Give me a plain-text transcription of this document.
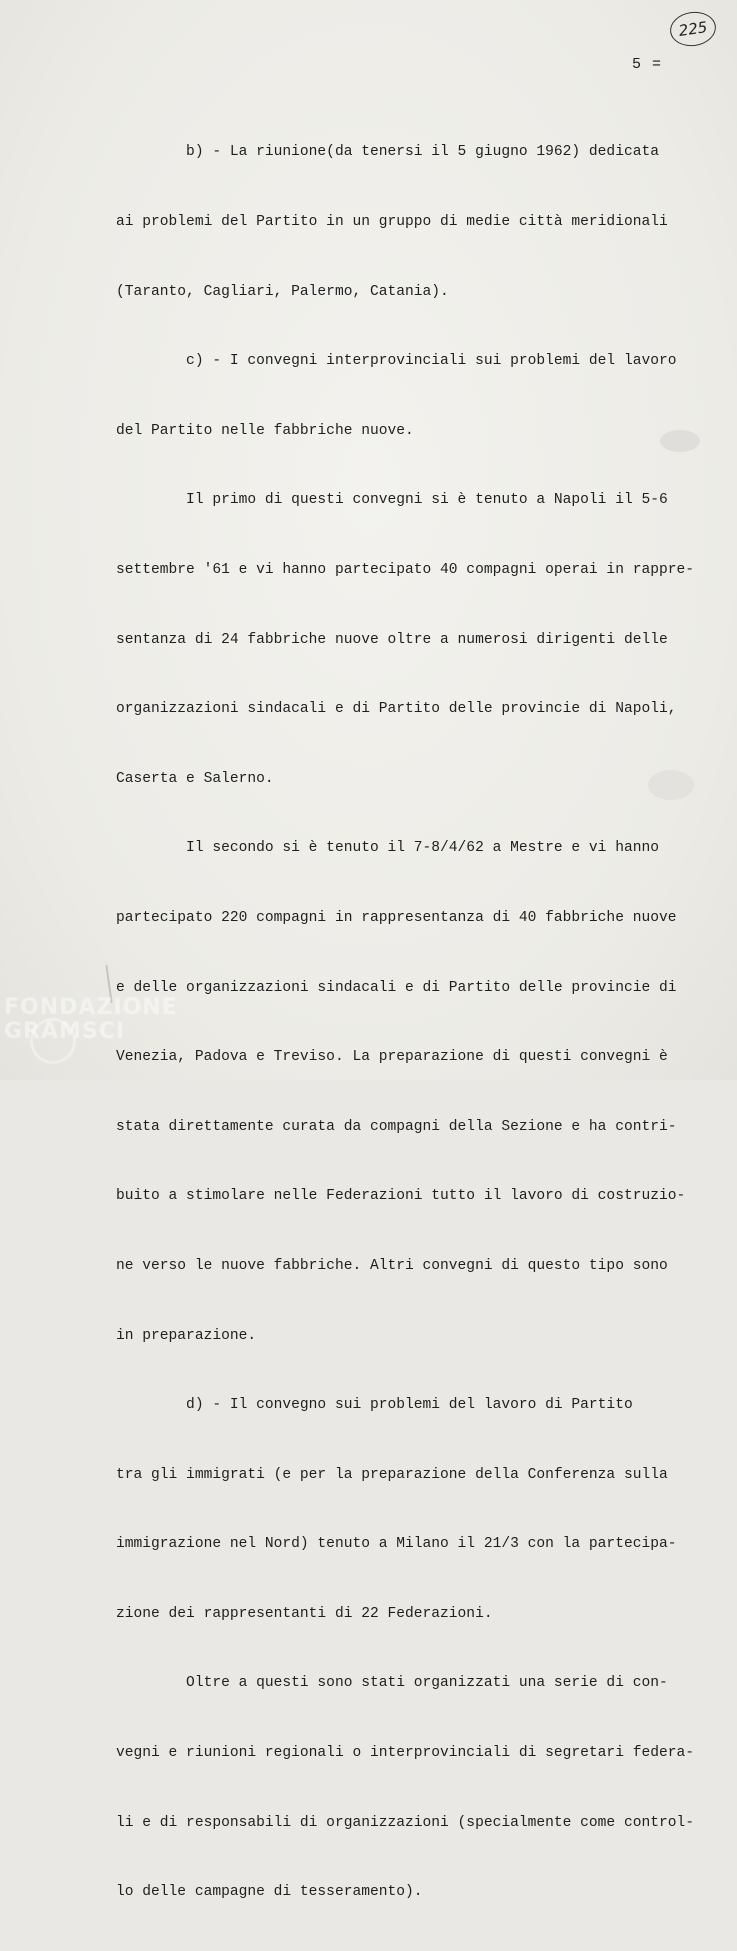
225
5 =

b) - La riunione(da tenersi il 5 giugno 1962) dedicata

ai problemi del Partito in un gruppo di medie città meridionali

(Taranto, Cagliari, Palermo, Catania).

c) - I convegni interprovinciali sui problemi del lavoro

del Partito nelle fabbriche nuove.

Il primo di questi convegni si è tenuto a Napoli il 5-6

settembre '61 e vi hanno partecipato 40 compagni operai in rappre-

sentanza di 24 fabbriche nuove oltre a numerosi dirigenti delle

organizzazioni sindacali e di Partito delle provincie di Napoli,

Caserta e Salerno.

Il secondo si è tenuto il 7-8/4/62 a Mestre e vi hanno

partecipato 220 compagni in rappresentanza di 40 fabbriche nuove

e delle organizzazioni sindacali e di Partito delle provincie di

Venezia, Padova e Treviso. La preparazione di questi convegni è

stata direttamente curata da compagni della Sezione e ha contri-

buito a stimolare nelle Federazioni tutto il lavoro di costruzio-

ne verso le nuove fabbriche. Altri convegni di questo tipo sono

in preparazione.

d) - Il convegno sui problemi del lavoro di Partito

tra gli immigrati (e per la preparazione della Conferenza sulla

immigrazione nel Nord) tenuto a Milano il 21/3 con la partecipa-

zione dei rappresentanti di 22 Federazioni.

Oltre a questi sono stati organizzati una serie di con-

vegni e riunioni regionali o interprovinciali di segretari federa-

li e di responsabili di organizzazioni (specialmente come control-

lo delle campagne di tesseramento).

FONDAZIONE
GRAMSCI
